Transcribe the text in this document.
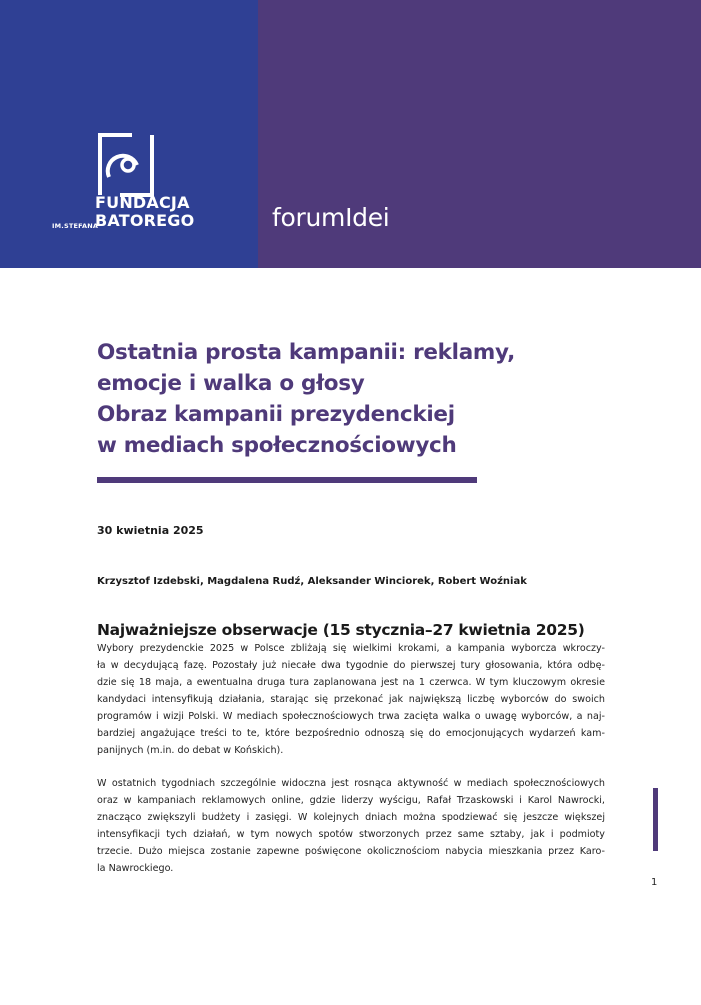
FUNDACJA
IM.STEFANA
BATOREGO	forumIdei
Ostatnia prosta kampanii: reklamy,
emocje i walka o głosy
Obraz kampanii prezydenckiej
w mediach społecznościowych
30 kwietnia 2025
Krzysztof Izdebski, Magdalena Rudź, Aleksander Winciorek, Robert Woźniak
Najważniejsze obserwacje (15 stycznia–27 kwietnia 2025)
Wybory prezydenckie 2025 w Polsce zbliżają się wielkimi krokami, a kampania wyborcza wkroczy-
ła w decydującą fazę. Pozostały już niecałe dwa tygodnie do pierwszej tury głosowania, która odbę-
dzie się 18 maja, a ewentualna druga tura zaplanowana jest na 1 czerwca. W tym kluczowym okresie
kandydaci intensyfikują działania, starając się przekonać jak największą liczbę wyborców do swoich
programów i wizji Polski. W mediach społecznościowych trwa zacięta walka o uwagę wyborców, a naj-
bardziej angażujące treści to te, które bezpośrednio odnoszą się do emocjonujących wydarzeń kam-
panijnych (m.in. do debat w Końskich).
W ostatnich tygodniach szczególnie widoczna jest rosnąca aktywność w mediach społecznościowych
oraz w kampaniach reklamowych online, gdzie liderzy wyścigu, Rafał Trzaskowski i Karol Nawrocki,
znacząco zwiększyli budżety i zasięgi. W kolejnych dniach można spodziewać się jeszcze większej
intensyfikacji tych działań, w tym nowych spotów stworzonych przez same sztaby, jak i podmioty
trzecie. Dużo miejsca zostanie zapewne poświęcone okolicznościom nabycia mieszkania przez Karo-
la Nawrockiego.
1
